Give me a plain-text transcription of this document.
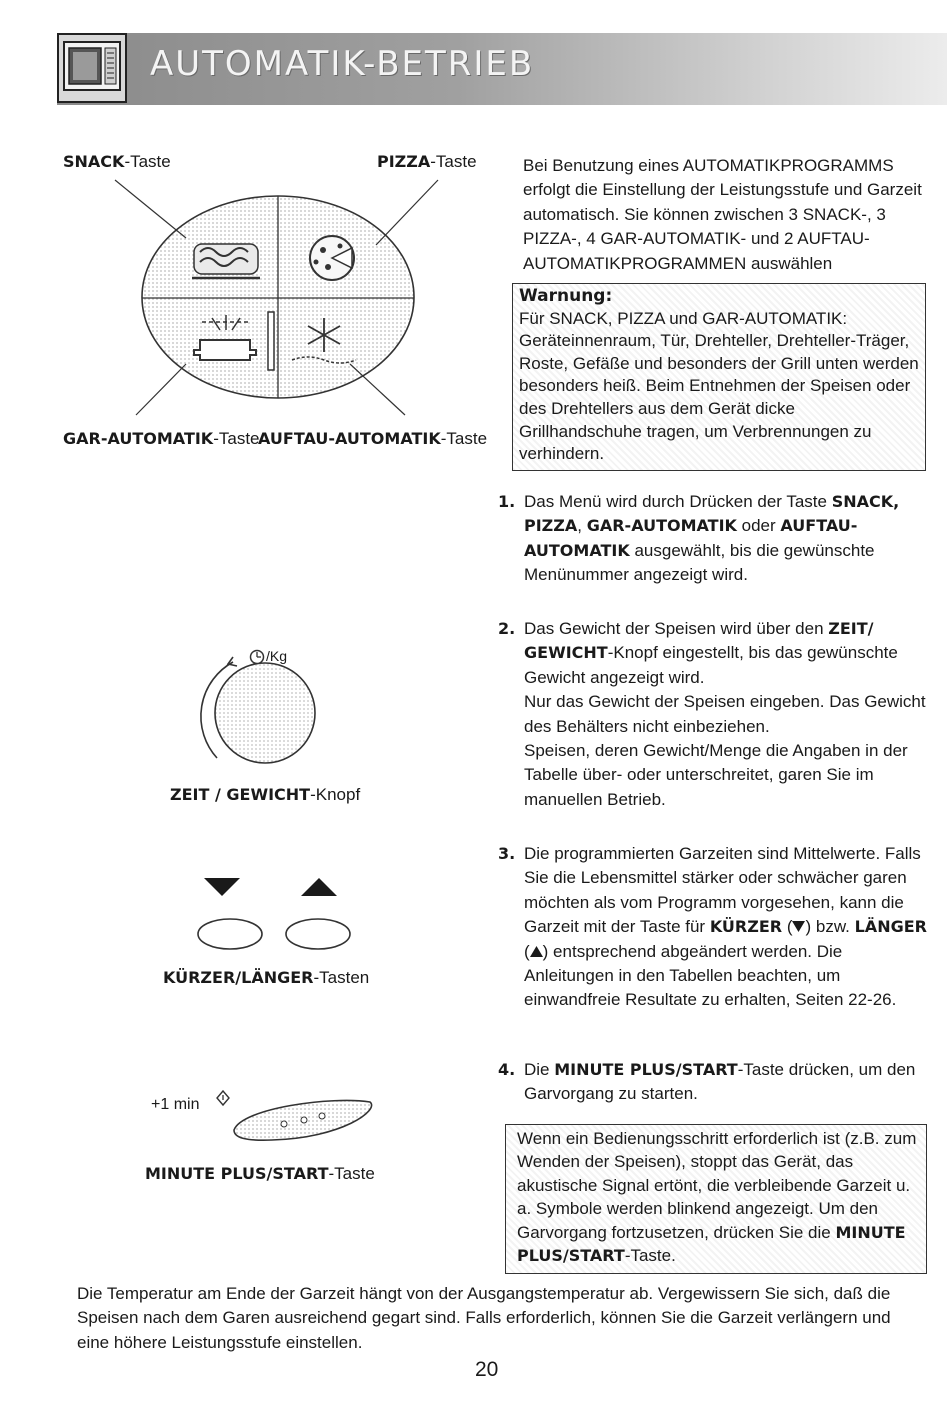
AUTOMATIK-BETRIEB
SNACK-Taste	PIZZA-Taste
GAR-AUTOMATIK-Taste
AUFTAU-AUTOMATIK-Taste
/Kg
ZEIT / GEWICHT-Knopf
KÜRZER/LÄNGER-Tasten
+1 min
MINUTE PLUS/START-Taste
Bei Benutzung eines AUTOMATIKPROGRAMMS erfolgt die Einstellung der Leistungsstufe und Garzeit automatisch. Sie können zwischen 3 SNACK-, 3 PIZZA-, 4 GAR-AUTOMATIK- und 2 AUFTAU-AUTOMATIKPROGRAMMEN auswählen
Warnung:
Für SNACK, PIZZA und GAR-AUTOMATIK: Geräteinnenraum, Tür, Drehteller, Drehteller-Träger, Roste, Gefäße und besonders der Grill unten werden besonders heiß. Beim Entnehmen der Speisen oder des Drehtellers aus dem Gerät dicke Grillhandschuhe tragen, um Verbrennungen zu verhindern.
1. Das Menü wird durch Drücken der Taste SNACK, PIZZA, GAR-AUTOMATIK oder AUFTAU-AUTOMATIK ausgewählt, bis die gewünschte Menünummer angezeigt wird.
2. Das Gewicht der Speisen wird über den ZEIT/ GEWICHT-Knopf eingestellt, bis das gewünschte Gewicht angezeigt wird.
Nur das Gewicht der Speisen eingeben. Das Gewicht des Behälters nicht einbeziehen.
Speisen, deren Gewicht/Menge die Angaben in der Tabelle über- oder unterschreitet, garen Sie im manuellen Betrieb.
3. Die programmierten Garzeiten sind Mittelwerte. Falls Sie die Lebensmittel stärker oder schwächer garen möchten als vom Programm vorgesehen, kann die Garzeit mit der Taste für KÜRZER ( ) bzw. LÄNGER ( ) entsprechend abgeändert werden. Die Anleitungen in den Tabellen beachten, um einwandfreie Resultate zu erhalten, Seiten 22-26.
4. Die MINUTE PLUS/START-Taste drücken, um den Garvorgang zu starten.
Wenn ein Bedienungsschritt erforderlich ist (z.B. zum Wenden der Speisen), stoppt das Gerät, das akustische Signal ertönt, die verbleibende Garzeit u. a. Symbole werden blinkend angezeigt. Um den Garvorgang fortzusetzen, drücken Sie die MINUTE PLUS/START-Taste.
Die Temperatur am Ende der Garzeit hängt von der Ausgangstemperatur ab. Vergewissern Sie sich, daß die Speisen nach dem Garen ausreichend gegart sind. Falls erforderlich, können Sie die Garzeit verlängern und eine höhere Leistungsstufe einstellen.
20
